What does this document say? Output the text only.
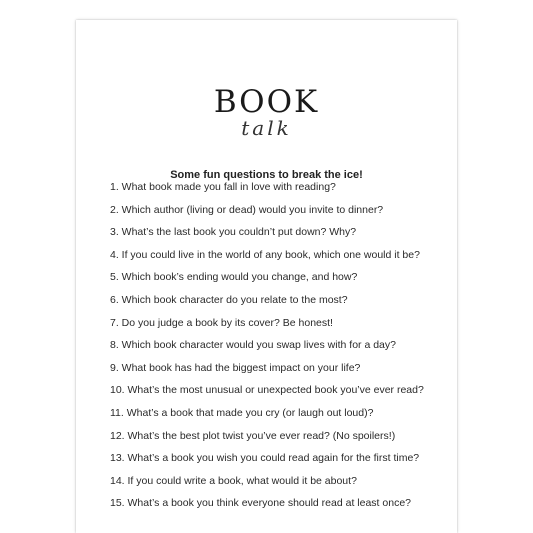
BOOK
talk
Some fun questions to break the ice!
1. What book made you fall in love with reading?
2. Which author (living or dead) would you invite to dinner?
3. What’s the last book you couldn’t put down? Why?
4. If you could live in the world of any book, which one would it be?
5. Which book’s ending would you change, and how?
6. Which book character do you relate to the most?
7. Do you judge a book by its cover? Be honest!
8. Which book character would you swap lives with for a day?
9. What book has had the biggest impact on your life?
10. What’s the most unusual or unexpected book you’ve ever read?
11. What’s a book that made you cry (or laugh out loud)?
12. What’s the best plot twist you’ve ever read? (No spoilers!)
13. What’s a book you wish you could read again for the first time?
14. If you could write a book, what would it be about?
15. What’s a book you think everyone should read at least once?
